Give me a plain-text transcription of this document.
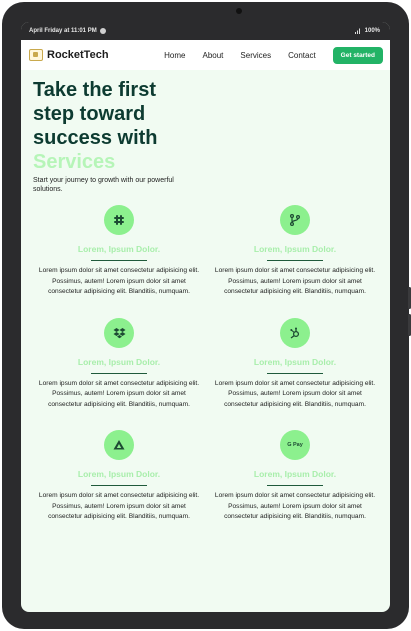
April Friday at 11:01 PM	100%
RocketTech	Home About Services Contact	Get started
Take the first step toward success with
Services

Start your journey to growth with our powerful solutions.

Lorem, Ipsum Dolor.

Lorem ipsum dolor sit amet consectetur adipisicing elit. Possimus, autem! Lorem ipsum dolor sit amet consectetur adipisicing elit. Blanditiis, numquam.

Lorem, Ipsum Dolor.

Lorem ipsum dolor sit amet consectetur adipisicing elit. Possimus, autem! Lorem ipsum dolor sit amet consectetur adipisicing elit. Blanditiis, numquam.

Lorem, Ipsum Dolor.

Lorem ipsum dolor sit amet consectetur adipisicing elit. Possimus, autem! Lorem ipsum dolor sit amet consectetur adipisicing elit. Blanditiis, numquam.

Lorem, Ipsum Dolor.

Lorem ipsum dolor sit amet consectetur adipisicing elit. Possimus, autem! Lorem ipsum dolor sit amet consectetur adipisicing elit. Blanditiis, numquam.

Lorem, Ipsum Dolor.

Lorem ipsum dolor sit amet consectetur adipisicing elit. Possimus, autem! Lorem ipsum dolor sit amet consectetur adipisicing elit. Blanditiis, numquam.

G Pay
Lorem, Ipsum Dolor.

Lorem ipsum dolor sit amet consectetur adipisicing elit. Possimus, autem! Lorem ipsum dolor sit amet consectetur adipisicing elit. Blanditiis, numquam.
